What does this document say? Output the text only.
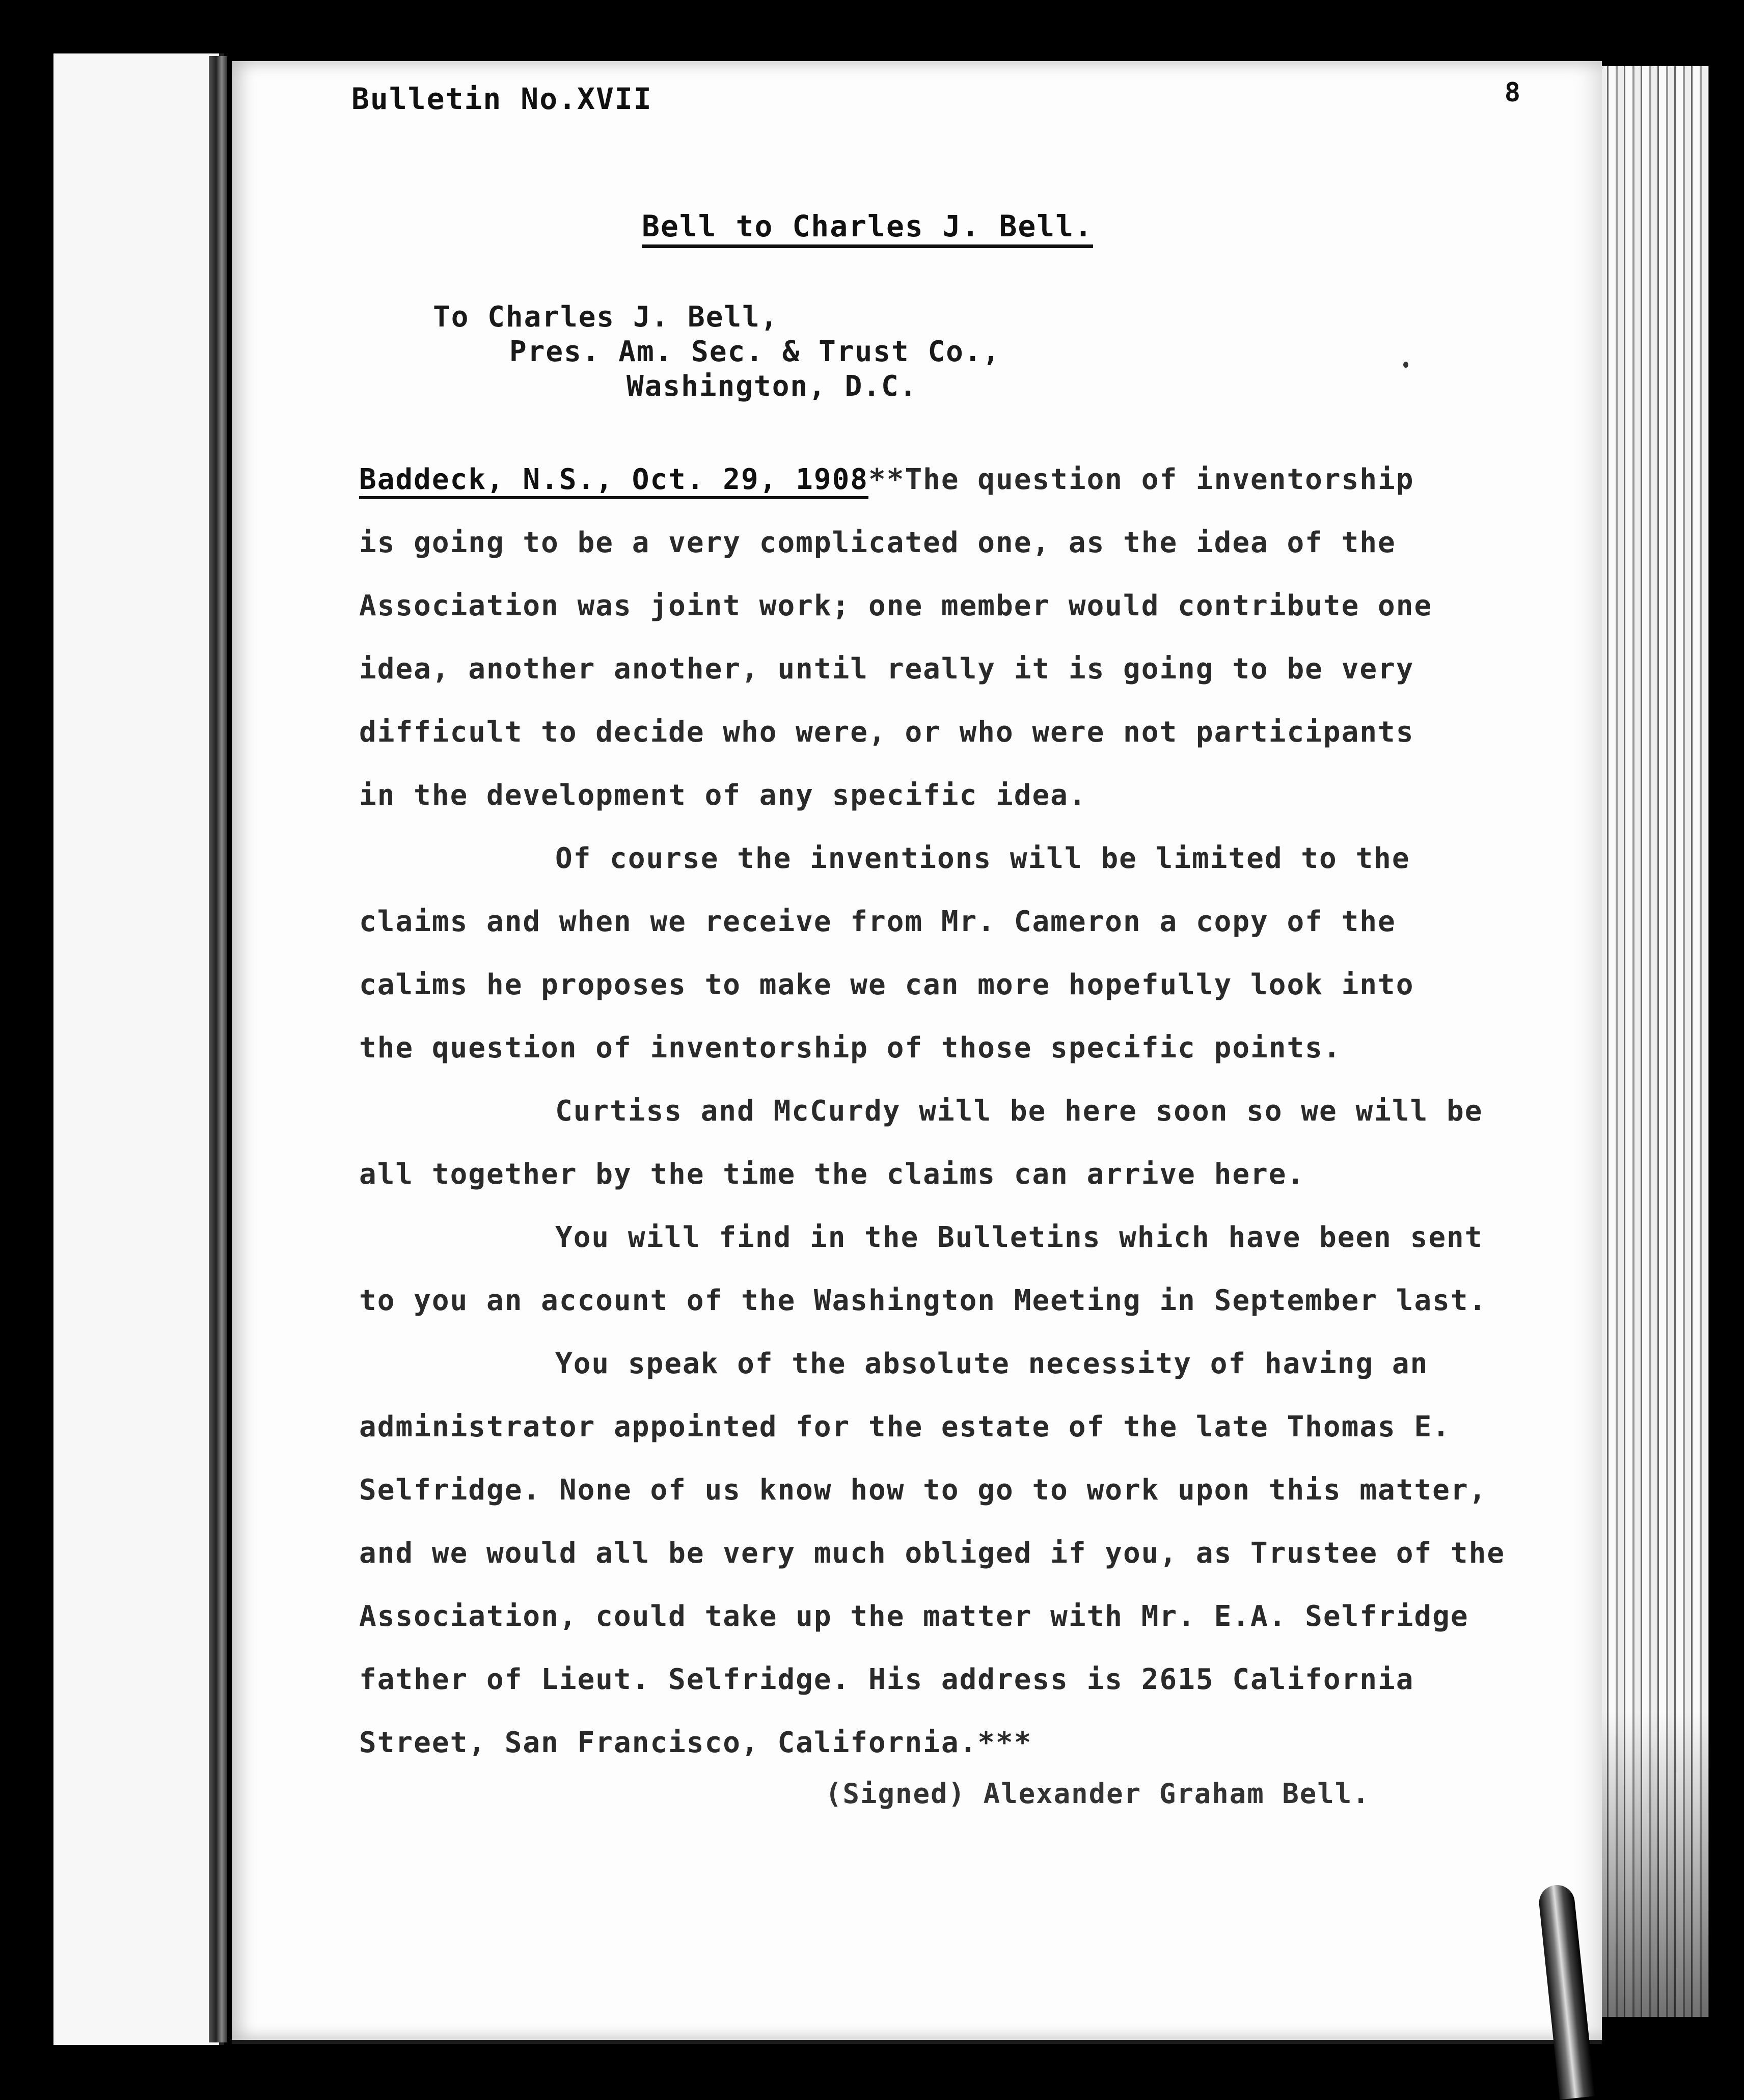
Bulletin No.XVII	8
Bell to Charles J. Bell.
To Charles J. Bell,
Pres. Am. Sec. & Trust Co.,
Washington, D.C.
Baddeck, N.S., Oct. 29, 1908**The question of inventorship
is going to be a very complicated one, as the idea of the
Association was joint work; one member would contribute one
idea, another another, until really it is going to be very
difficult to decide who were, or who were not participants
in the development of any specific idea.
Of course the inventions will be limited to the
claims and when we receive from Mr. Cameron a copy of the
calims he proposes to make we can more hopefully look into
the question of inventorship of those specific points.
Curtiss and McCurdy will be here soon so we will be
all together by the time the claims can arrive here.
You will find in the Bulletins which have been sent
to you an account of the Washington Meeting in September last.
You speak of the absolute necessity of having an
administrator appointed for the estate of the late Thomas E.
Selfridge. None of us know how to go to work upon this matter,
and we would all be very much obliged if you, as Trustee of the
Association, could take up the matter with Mr. E.A. Selfridge
father of Lieut. Selfridge. His address is 2615 California
Street, San Francisco, California.***
(Signed) Alexander Graham Bell.
